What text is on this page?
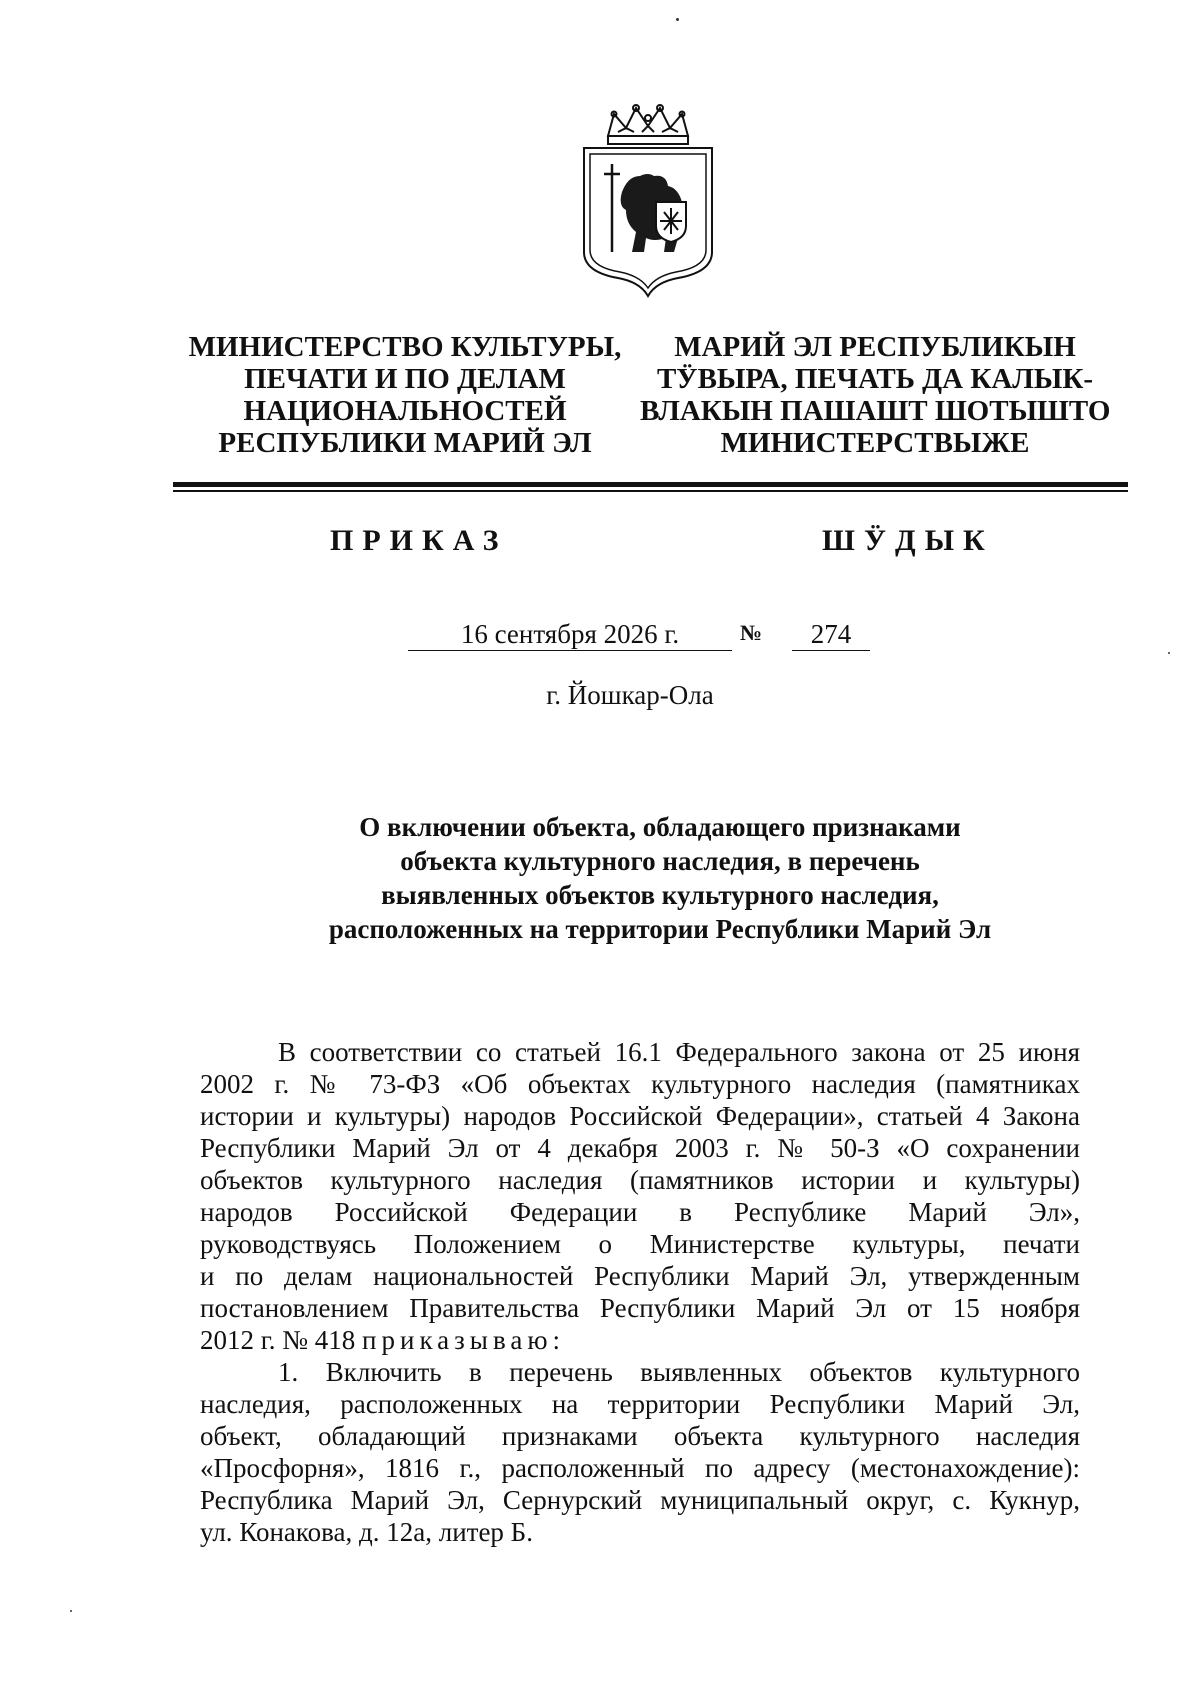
МИНИСТЕРСТВО КУЛЬТУРЫ,
ПЕЧАТИ И ПО ДЕЛАМ
НАЦИОНАЛЬНОСТЕЙ
РЕСПУБЛИКИ МАРИЙ ЭЛ
МАРИЙ ЭЛ РЕСПУБЛИКЫН
ТӰВЫРА, ПЕЧАТЬ ДА КАЛЫК-
ВЛАКЫН ПАШАШТ ШОТЫШТО
МИНИСТЕРСТВЫЖЕ
ПРИКАЗ	ШӰДЫК
16 сентября 2026 г.	№	274
г. Йошкар-Ола
О включении объекта, обладающего признаками
объекта культурного наследия, в перечень
выявленных объектов культурного наследия,
расположенных на территории Республики Марий Эл
В соответствии со статьей 16.1 Федерального закона от 25 июня
2002 г. № 73-ФЗ «Об объектах культурного наследия (памятниках
истории и культуры) народов Российской Федерации», статьей 4 Закона
Республики Марий Эл от 4 декабря 2003 г. № 50-З «О сохранении
объектов культурного наследия (памятников истории и культуры)
народов Российской Федерации в Республике Марий Эл»,
руководствуясь Положением о Министерстве культуры, печати
и по делам национальностей Республики Марий Эл, утвержденным
постановлением Правительства Республики Марий Эл от 15 ноября
2012 г. № 418 приказываю:
1. Включить в перечень выявленных объектов культурного
наследия, расположенных на территории Республики Марий Эл,
объект, обладающий признаками объекта культурного наследия
«Просфорня», 1816 г., расположенный по адресу (местонахождение):
Республика Марий Эл, Сернурский муниципальный округ, с. Кукнур,
ул. Конакова, д. 12а, литер Б.
